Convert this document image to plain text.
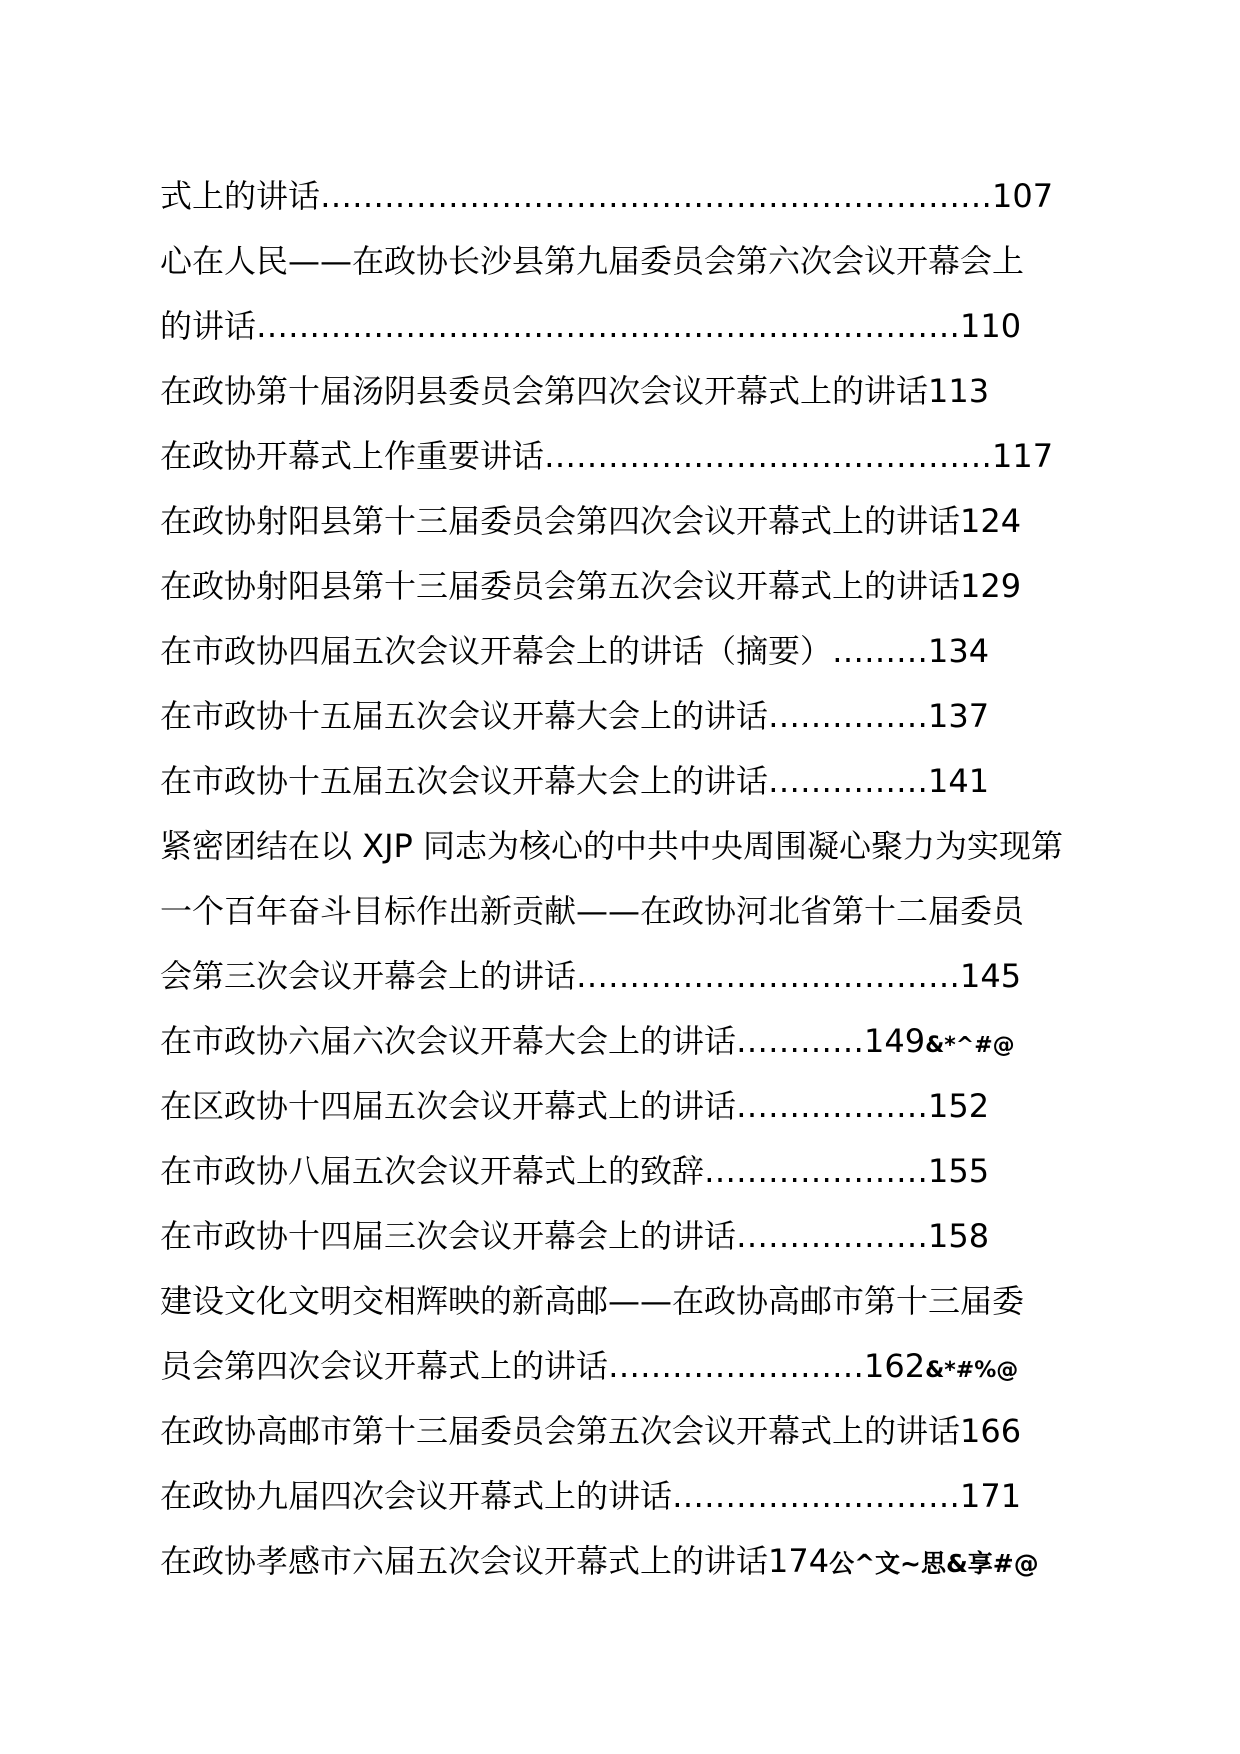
式上的讲话………………………………………………………107
心在人民——在政协长沙县第九届委员会第六次会议开幕会上
的讲话…………………………………………………………110
在政协第十届汤阴县委员会第四次会议开幕式上的讲话113
在政协开幕式上作重要讲话……………………………………117
在政协射阳县第十三届委员会第四次会议开幕式上的讲话124
在政协射阳县第十三届委员会第五次会议开幕式上的讲话129
在市政协四届五次会议开幕会上的讲话（摘要）………134
在市政协十五届五次会议开幕大会上的讲话……………137
在市政协十五届五次会议开幕大会上的讲话……………141
紧密团结在以 XJP 同志为核心的中共中央周围凝心聚力为实现第
一个百年奋斗目标作出新贡献——在政协河北省第十二届委员
会第三次会议开幕会上的讲话………………………………145
在市政协六届六次会议开幕大会上的讲话…………149&*^#@
在区政协十四届五次会议开幕式上的讲话………………152
在市政协八届五次会议开幕式上的致辞…………………155
在市政协十四届三次会议开幕会上的讲话………………158
建设文化文明交相辉映的新高邮——在政协高邮市第十三届委
员会第四次会议开幕式上的讲话……………………162&*#%@
在政协高邮市第十三届委员会第五次会议开幕式上的讲话166
在政协九届四次会议开幕式上的讲话………………………171
在政协孝感市六届五次会议开幕式上的讲话174公^文~思&享#@
